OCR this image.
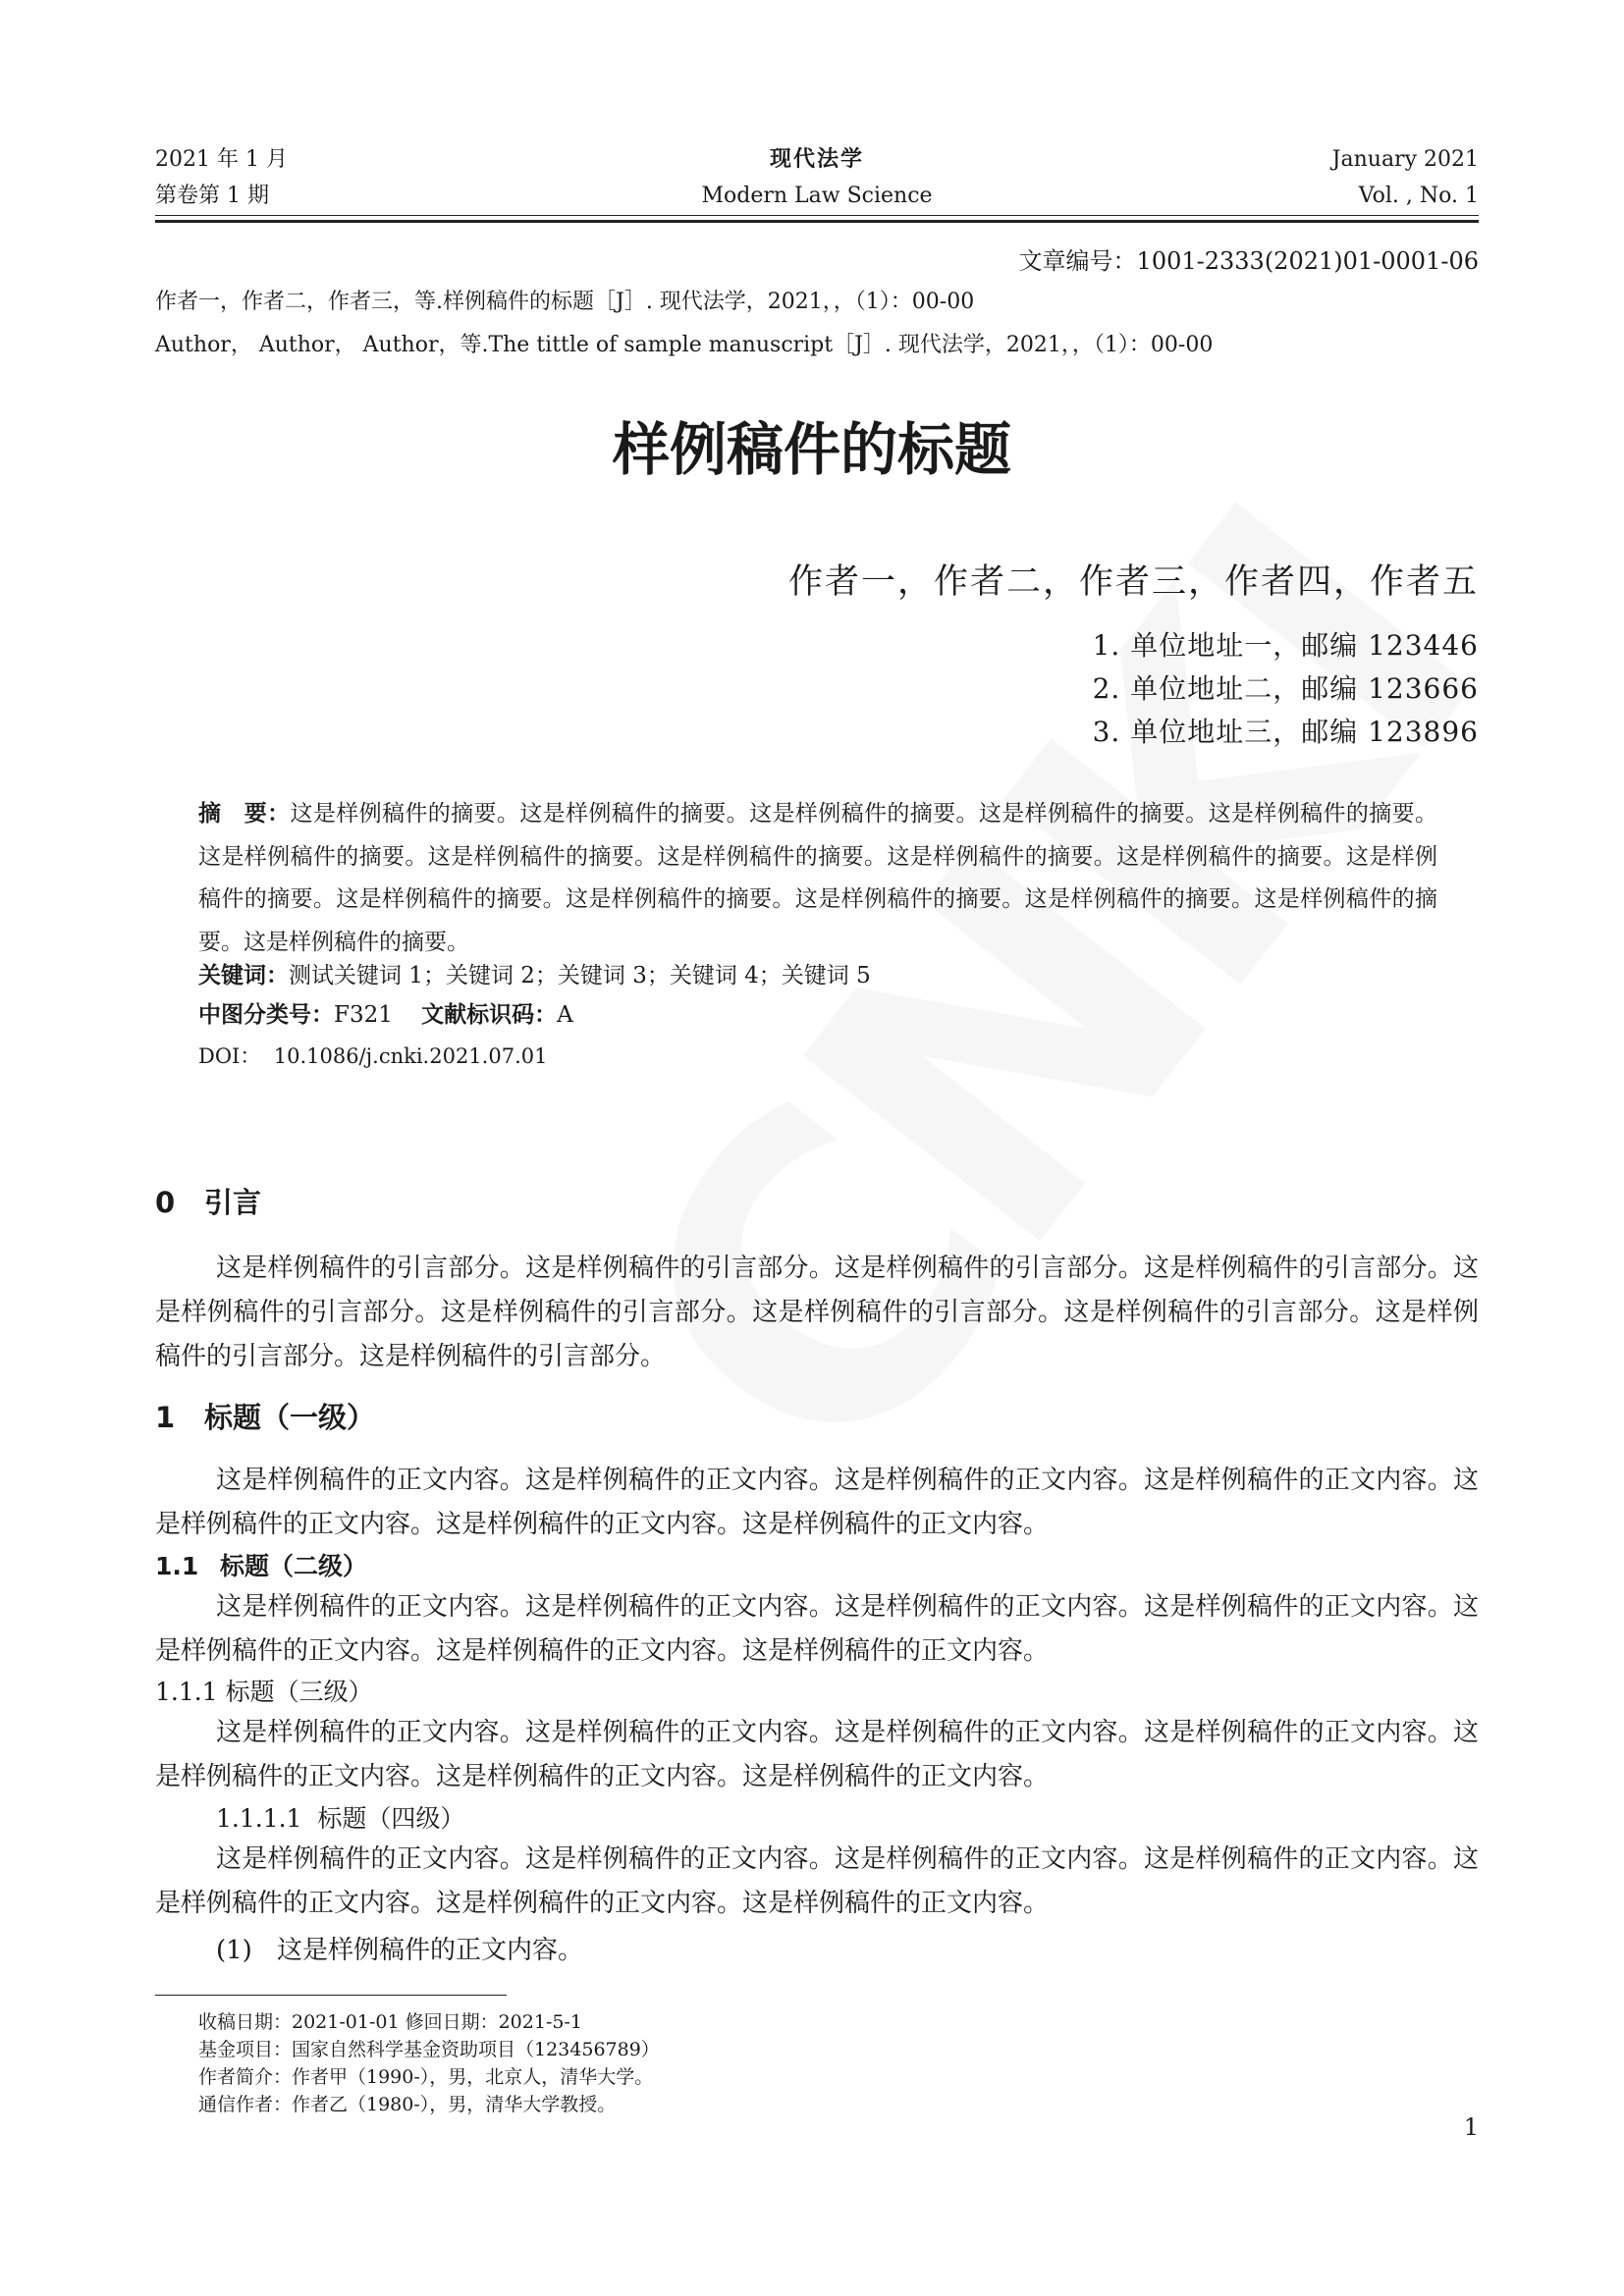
2021 年 1 月	现代法学	January 2021
第卷第 1 期	Modern Law Science	Vol. , No. 1
文章编号：1001-2333(2021)01-0001-06
作者一，作者二，作者三，等.样例稿件的标题［J］. 现代法学，2021，，（1）：00-00
Author， Author， Author，等.The tittle of sample manuscript［J］. 现代法学，2021，，（1）：00-00
样例稿件的标题
作者一，作者二，作者三，作者四，作者五
1. 单位地址一，邮编 123446
2. 单位地址二，邮编 123666
3. 单位地址三，邮编 123896
摘　要：这是样例稿件的摘要。这是样例稿件的摘要。这是样例稿件的摘要。这是样例稿件的摘要。这是样例稿件的摘要。这是样例稿件的摘要。这是样例稿件的摘要。这是样例稿件的摘要。这是样例稿件的摘要。这是样例稿件的摘要。这是样例稿件的摘要。这是样例稿件的摘要。这是样例稿件的摘要。这是样例稿件的摘要。这是样例稿件的摘要。这是样例稿件的摘要。这是样例稿件的摘要。
关键词：测试关键词 1；关键词 2；关键词 3；关键词 4；关键词 5
中图分类号：F321 文献标识码：A
DOI： 10.1086/j.cnki.2021.07.01
0 引言
这是样例稿件的引言部分。这是样例稿件的引言部分。这是样例稿件的引言部分。这是样例稿件的引言部分。这是样例稿件的引言部分。这是样例稿件的引言部分。这是样例稿件的引言部分。这是样例稿件的引言部分。这是样例稿件的引言部分。这是样例稿件的引言部分。
1 标题（一级）
这是样例稿件的正文内容。这是样例稿件的正文内容。这是样例稿件的正文内容。这是样例稿件的正文内容。这是样例稿件的正文内容。这是样例稿件的正文内容。这是样例稿件的正文内容。
1.1 标题（二级）
这是样例稿件的正文内容。这是样例稿件的正文内容。这是样例稿件的正文内容。这是样例稿件的正文内容。这是样例稿件的正文内容。这是样例稿件的正文内容。这是样例稿件的正文内容。
1.1.1 标题（三级）
这是样例稿件的正文内容。这是样例稿件的正文内容。这是样例稿件的正文内容。这是样例稿件的正文内容。这是样例稿件的正文内容。这是样例稿件的正文内容。这是样例稿件的正文内容。
1.1.1.1 标题（四级）
这是样例稿件的正文内容。这是样例稿件的正文内容。这是样例稿件的正文内容。这是样例稿件的正文内容。这是样例稿件的正文内容。这是样例稿件的正文内容。这是样例稿件的正文内容。
(1) 这是样例稿件的正文内容。
收稿日期：2021-01-01 修回日期：2021-5-1
基金项目：国家自然科学基金资助项目（123456789）
作者简介：作者甲（1990-），男，北京人，清华大学。
通信作者：作者乙（1980-），男，清华大学教授。
1
